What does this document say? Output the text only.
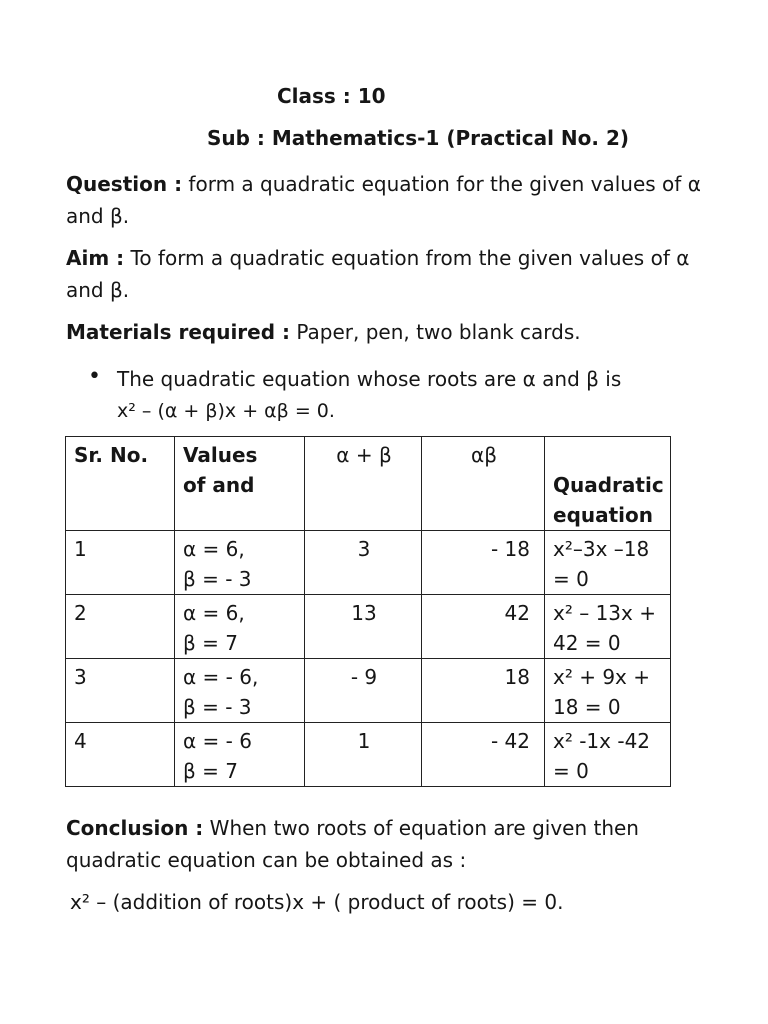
Class : 10
Sub : Mathematics-1 (Practical No. 2)
Question : form a quadratic equation for the given values of α
and β.
Aim : To form a quadratic equation from the given values of α
and β.
Materials required : Paper, pen, two blank cards.
• The quadratic equation whose roots are α and β is
x² – (α + β)x + αβ = 0.
Sr. No.	Values
of and	α + β	αβ	Quadratic
equation

1	α = 6,
β = - 3	3	- 18	x²–3x –18
= 0

2	α = 6,
β = 7	13	42	x² – 13x +
42 = 0

3	α = - 6,
β = - 3	- 9	18	x² + 9x +
18 = 0

4	α = - 6
β = 7	1	- 42	x² -1x -42
= 0
Conclusion : When two roots of equation are given then
quadratic equation can be obtained as :
x² – (addition of roots)x + ( product of roots) = 0.
